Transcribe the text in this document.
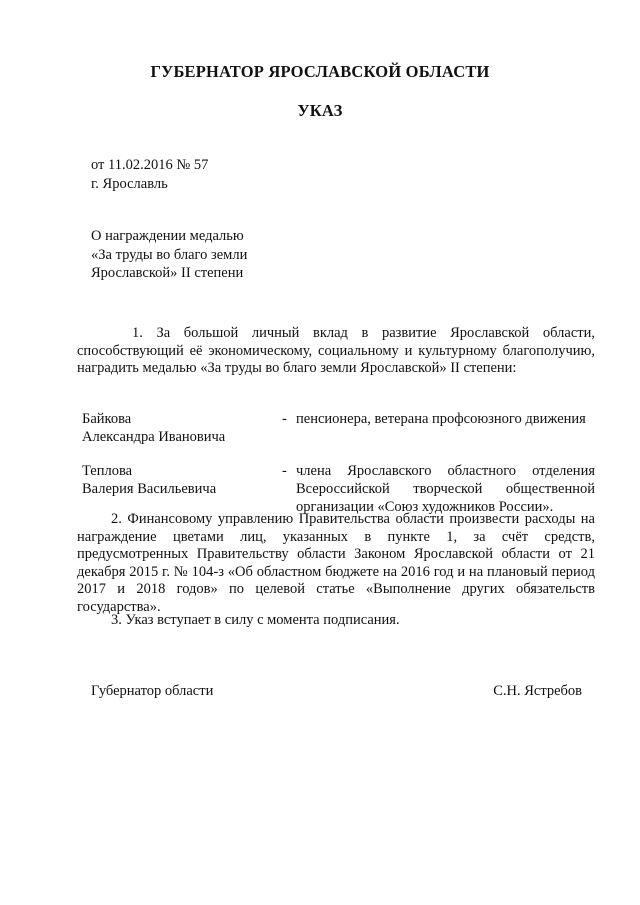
ГУБЕРНАТОР ЯРОСЛАВСКОЙ ОБЛАСТИ
УКАЗ
от 11.02.2016 № 57
г. Ярославль
О награждении медалью
«За труды во благо земли
Ярославской» II степени

1. За большой личный вклад в развитие Ярославской области, способствующий её экономическому, социальному и культурному благополучию, наградить медалью «За труды во благо земли Ярославской» II степени:

Байкова
Александра Ивановича
- пенсионера, ветерана профсоюзного движения
Теплова
Валерия Васильевича
- члена Ярославского областного отделения Всероссийской творческой общественной организации «Союз художников России».

2. Финансовому управлению Правительства области произвести расходы на награждение цветами лиц, указанных в пункте 1, за счёт средств, предусмотренных Правительству области Законом Ярославской области от 21 декабря 2015 г. № 104-з «Об областном бюджете на 2016 год и на плановый период 2017 и 2018 годов» по целевой статье «Выполнение других обязательств государства».

3. Указ вступает в силу с момента подписания.

Губернатор области	С.Н. Ястребов
